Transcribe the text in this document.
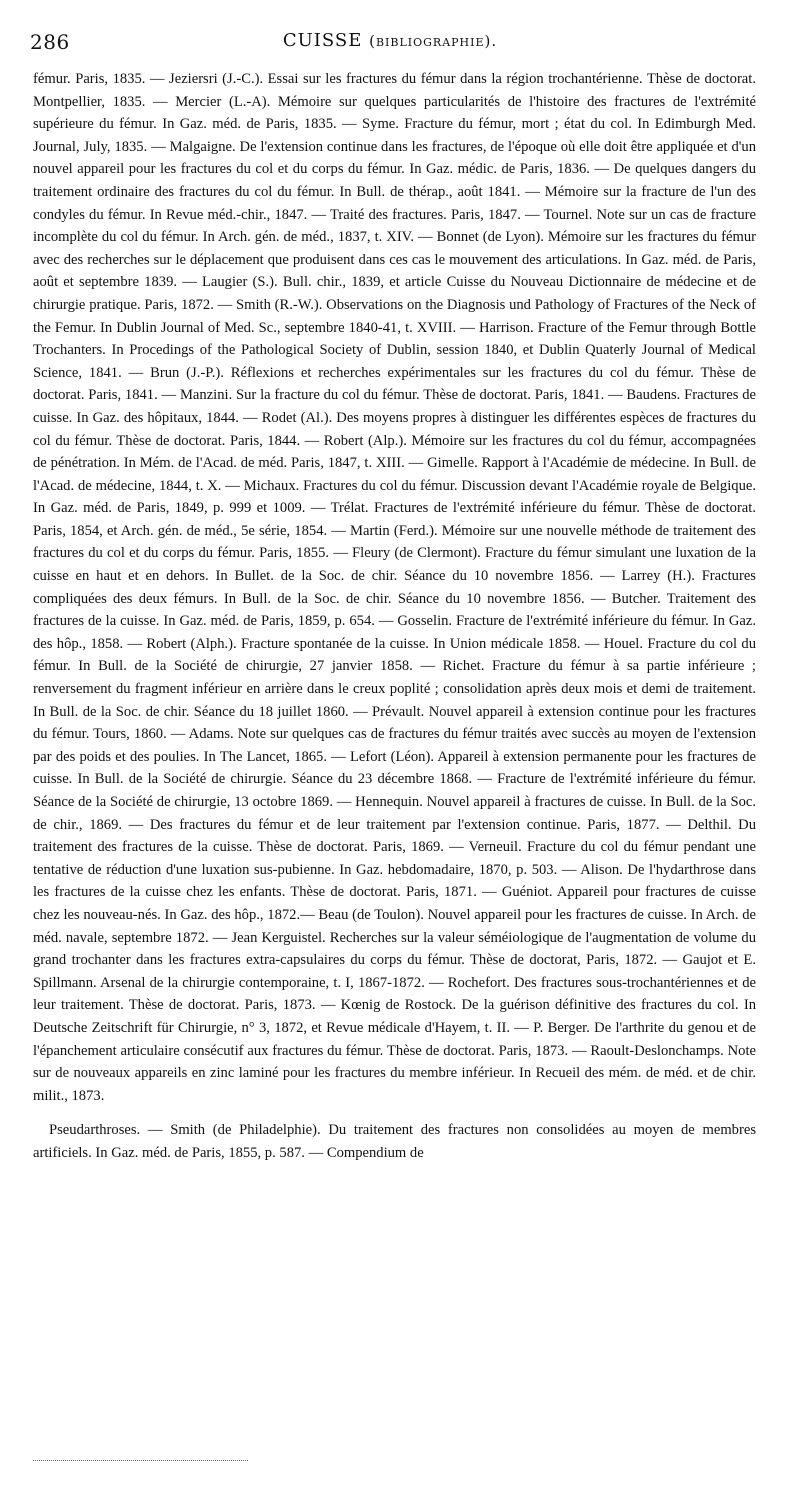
286	CUISSE (bibliographie).

fémur. Paris, 1835. — Jeziersri (J.-C.). Essai sur les fractures du fémur dans la région trochantérienne. Thèse de doctorat. Montpellier, 1835. — Mercier (L.-A). Mémoire sur quelques particularités de l'histoire des fractures de l'extrémité supérieure du fémur. In Gaz. méd. de Paris, 1835. — Syme. Fracture du fémur, mort ; état du col. In Edimburgh Med. Journal, July, 1835. — Malgaigne. De l'extension continue dans les fractures, de l'époque où elle doit être appliquée et d'un nouvel appareil pour les fractures du col et du corps du fémur. In Gaz. médic. de Paris, 1836. — De quelques dangers du traitement ordinaire des fractures du col du fémur. In Bull. de thérap., août 1841. — Mémoire sur la fracture de l'un des condyles du fémur. In Revue méd.-chir., 1847. — Traité des fractures. Paris, 1847. — Tournel. Note sur un cas de fracture incomplète du col du fémur. In Arch. gén. de méd., 1837, t. XIV. — Bonnet (de Lyon). Mémoire sur les fractures du fémur avec des recherches sur le déplacement que produisent dans ces cas le mouvement des articulations. In Gaz. méd. de Paris, août et septembre 1839. — Laugier (S.). Bull. chir., 1839, et article Cuisse du Nouveau Dictionnaire de médecine et de chirurgie pratique. Paris, 1872. — Smith (R.-W.). Observations on the Diagnosis und Pathology of Fractures of the Neck of the Femur. In Dublin Journal of Med. Sc., septembre 1840-41, t. XVIII. — Harrison. Fracture of the Femur through Bottle Trochanters. In Procedings of the Pathological Society of Dublin, session 1840, et Dublin Quaterly Journal of Medical Science, 1841. — Brun (J.-P.). Réflexions et recherches expérimentales sur les fractures du col du fémur. Thèse de doctorat. Paris, 1841. — Manzini. Sur la fracture du col du fémur. Thèse de doctorat. Paris, 1841. — Baudens. Fractures de cuisse. In Gaz. des hôpitaux, 1844. — Rodet (Al.). Des moyens propres à distinguer les différentes espèces de fractures du col du fémur. Thèse de doctorat. Paris, 1844. — Robert (Alp.). Mémoire sur les fractures du col du fémur, accompagnées de pénétration. In Mém. de l'Acad. de méd. Paris, 1847, t. XIII. — Gimelle. Rapport à l'Académie de médecine. In Bull. de l'Acad. de médecine, 1844, t. X. — Michaux. Fractures du col du fémur. Discussion devant l'Académie royale de Belgique. In Gaz. méd. de Paris, 1849, p. 999 et 1009. — Trélat. Fractures de l'extrémité inférieure du fémur. Thèse de doctorat. Paris, 1854, et Arch. gén. de méd., 5e série, 1854. — Martin (Ferd.). Mémoire sur une nouvelle méthode de traitement des fractures du col et du corps du fémur. Paris, 1855. — Fleury (de Clermont). Fracture du fémur simulant une luxation de la cuisse en haut et en dehors. In Bullet. de la Soc. de chir. Séance du 10 novembre 1856. — Larrey (H.). Fractures compliquées des deux fémurs. In Bull. de la Soc. de chir. Séance du 10 novembre 1856. — Butcher. Traitement des fractures de la cuisse. In Gaz. méd. de Paris, 1859, p. 654. — Gosselin. Fracture de l'extrémité inférieure du fémur. In Gaz. des hôp., 1858. — Robert (Alph.). Fracture spontanée de la cuisse. In Union médicale 1858. — Houel. Fracture du col du fémur. In Bull. de la Société de chirurgie, 27 janvier 1858. — Richet. Fracture du fémur à sa partie inférieure ; renversement du fragment inférieur en arrière dans le creux poplité ; consolidation après deux mois et demi de traitement. In Bull. de la Soc. de chir. Séance du 18 juillet 1860. — Prévault. Nouvel appareil à extension continue pour les fractures du fémur. Tours, 1860. — Adams. Note sur quelques cas de fractures du fémur traités avec succès au moyen de l'extension par des poids et des poulies. In The Lancet, 1865. — Lefort (Léon). Appareil à extension permanente pour les fractures de cuisse. In Bull. de la Société de chirurgie. Séance du 23 décembre 1868. — Fracture de l'extrémité inférieure du fémur. Séance de la Société de chirurgie, 13 octobre 1869. — Hennequin. Nouvel appareil à fractures de cuisse. In Bull. de la Soc. de chir., 1869. — Des fractures du fémur et de leur traitement par l'extension continue. Paris, 1877. — Delthil. Du traitement des fractures de la cuisse. Thèse de doctorat. Paris, 1869. — Verneuil. Fracture du col du fémur pendant une tentative de réduction d'une luxation sus-pubienne. In Gaz. hebdomadaire, 1870, p. 503. — Alison. De l'hydarthrose dans les fractures de la cuisse chez les enfants. Thèse de doctorat. Paris, 1871. — Guéniot. Appareil pour fractures de cuisse chez les nouveau-nés. In Gaz. des hôp., 1872.— Beau (de Toulon). Nouvel appareil pour les fractures de cuisse. In Arch. de méd. navale, septembre 1872. — Jean Kerguistel. Recherches sur la valeur séméiologique de l'augmentation de volume du grand trochanter dans les fractures extra-capsulaires du corps du fémur. Thèse de doctorat, Paris, 1872. — Gaujot et E. Spillmann. Arsenal de la chirurgie contemporaine, t. I, 1867-1872. — Rochefort. Des fractures sous-trochantériennes et de leur traitement. Thèse de doctorat. Paris, 1873. — Kœnig de Rostock. De la guérison définitive des fractures du col. In Deutsche Zeitschrift für Chirurgie, n° 3, 1872, et Revue médicale d'Hayem, t. II. — P. Berger. De l'arthrite du genou et de l'épanchement articulaire consécutif aux fractures du fémur. Thèse de doctorat. Paris, 1873. — Raoult-Deslonchamps. Note sur de nouveaux appareils en zinc laminé pour les fractures du membre inférieur. In Recueil des mém. de méd. et de chir. milit., 1873.

Pseudarthroses. — Smith (de Philadelphie). Du traitement des fractures non consolidées au moyen de membres artificiels. In Gaz. méd. de Paris, 1855, p. 587. — Compendium de
